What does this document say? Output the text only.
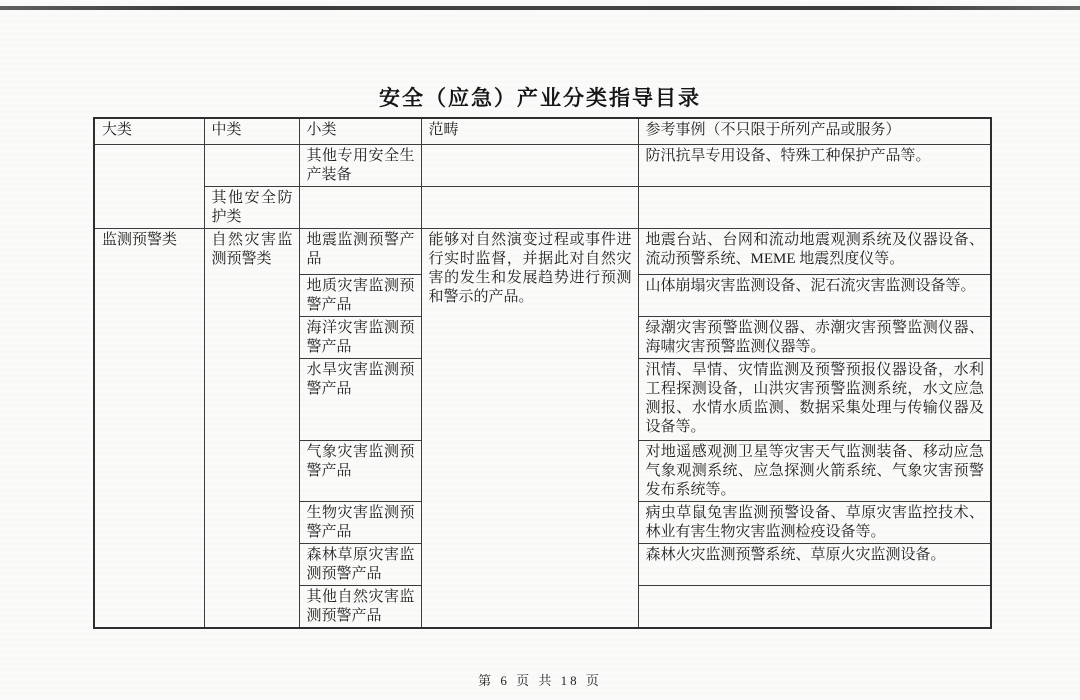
安全（应急）产业分类指导目录
大类	中类	小类	范畴	参考事例（不只限于所列产品或服务）
		其他专用安全生产装备		防汛抗旱专用设备、特殊工种保护产品等。
	其他安全防护类			
监测预警类	自然灾害监测预警类	地震监测预警产品	能够对自然演变过程或事件进行实时监督，并据此对自然灾害的发生和发展趋势进行预测和警示的产品。	地震台站、台网和流动地震观测系统及仪器设备、流动预警系统、MEME 地震烈度仪等。
		地质灾害监测预警产品		山体崩塌灾害监测设备、泥石流灾害监测设备等。
		海洋灾害监测预警产品		绿潮灾害预警监测仪器、赤潮灾害预警监测仪器、海啸灾害预警监测仪器等。
		水旱灾害监测预警产品		汛情、旱情、灾情监测及预警预报仪器设备，水利工程探测设备，山洪灾害预警监测系统，水文应急测报、水情水质监测、数据采集处理与传输仪器及设备等。
		气象灾害监测预警产品		对地遥感观测卫星等灾害天气监测装备、移动应急气象观测系统、应急探测火箭系统、气象灾害预警发布系统等。
		生物灾害监测预警产品		病虫草鼠兔害监测预警设备、草原灾害监控技术、林业有害生物灾害监测检疫设备等。
		森林草原灾害监测预警产品		森林火灾监测预警系统、草原火灾监测设备。
		其他自然灾害监测预警产品		
第 6 页 共 18 页
